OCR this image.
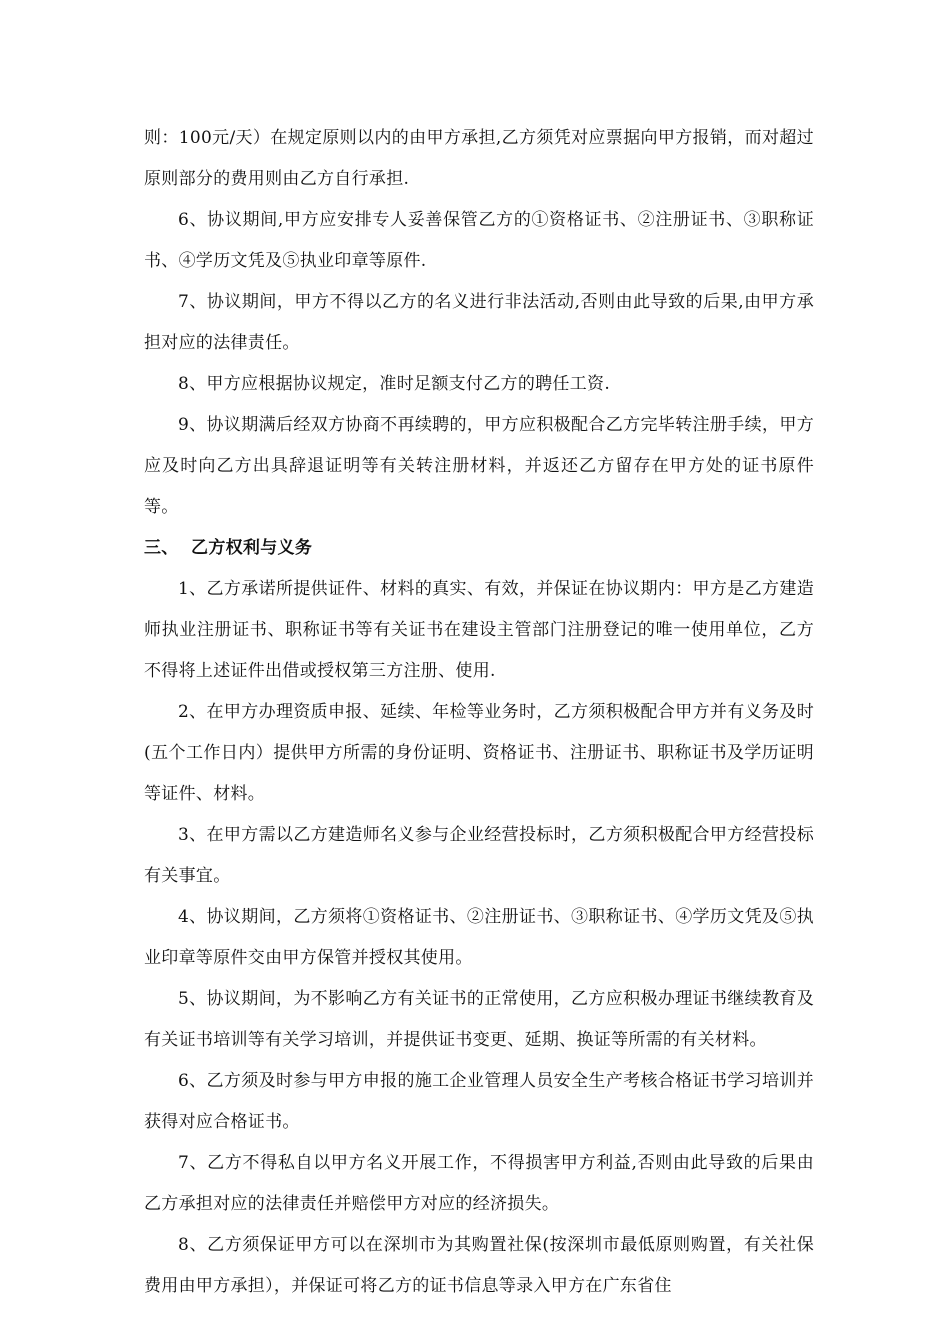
则：100元/天）在规定原则以内的由甲方承担,乙方须凭对应票据向甲方报销，而对超过原则部分的费用则由乙方自行承担.

6、协议期间,甲方应安排专人妥善保管乙方的①资格证书、②注册证书、③职称证书、④学历文凭及⑤执业印章等原件.

7、协议期间，甲方不得以乙方的名义进行非法活动,否则由此导致的后果,由甲方承担对应的法律责任。

8、甲方应根据协议规定，准时足额支付乙方的聘任工资.

9、协议期满后经双方协商不再续聘的，甲方应积极配合乙方完毕转注册手续，甲方应及时向乙方出具辞退证明等有关转注册材料，并返还乙方留存在甲方处的证书原件等。

三、  乙方权利与义务

1、乙方承诺所提供证件、材料的真实、有效，并保证在协议期内：甲方是乙方建造师执业注册证书、职称证书等有关证书在建设主管部门注册登记的唯一使用单位，乙方不得将上述证件出借或授权第三方注册、使用.

2、在甲方办理资质申报、延续、年检等业务时，乙方须积极配合甲方并有义务及时(五个工作日内）提供甲方所需的身份证明、资格证书、注册证书、职称证书及学历证明等证件、材料。

3、在甲方需以乙方建造师名义参与企业经营投标时，乙方须积极配合甲方经营投标有关事宜。

4、协议期间，乙方须将①资格证书、②注册证书、③职称证书、④学历文凭及⑤执业印章等原件交由甲方保管并授权其使用。

5、协议期间，为不影响乙方有关证书的正常使用，乙方应积极办理证书继续教育及有关证书培训等有关学习培训，并提供证书变更、延期、换证等所需的有关材料。

6、乙方须及时参与甲方申报的施工企业管理人员安全生产考核合格证书学习培训并获得对应合格证书。

7、乙方不得私自以甲方名义开展工作，不得损害甲方利益,否则由此导致的后果由乙方承担对应的法律责任并赔偿甲方对应的经济损失。

8、乙方须保证甲方可以在深圳市为其购置社保(按深圳市最低原则购置，有关社保费用由甲方承担），并保证可将乙方的证书信息等录入甲方在广东省住
